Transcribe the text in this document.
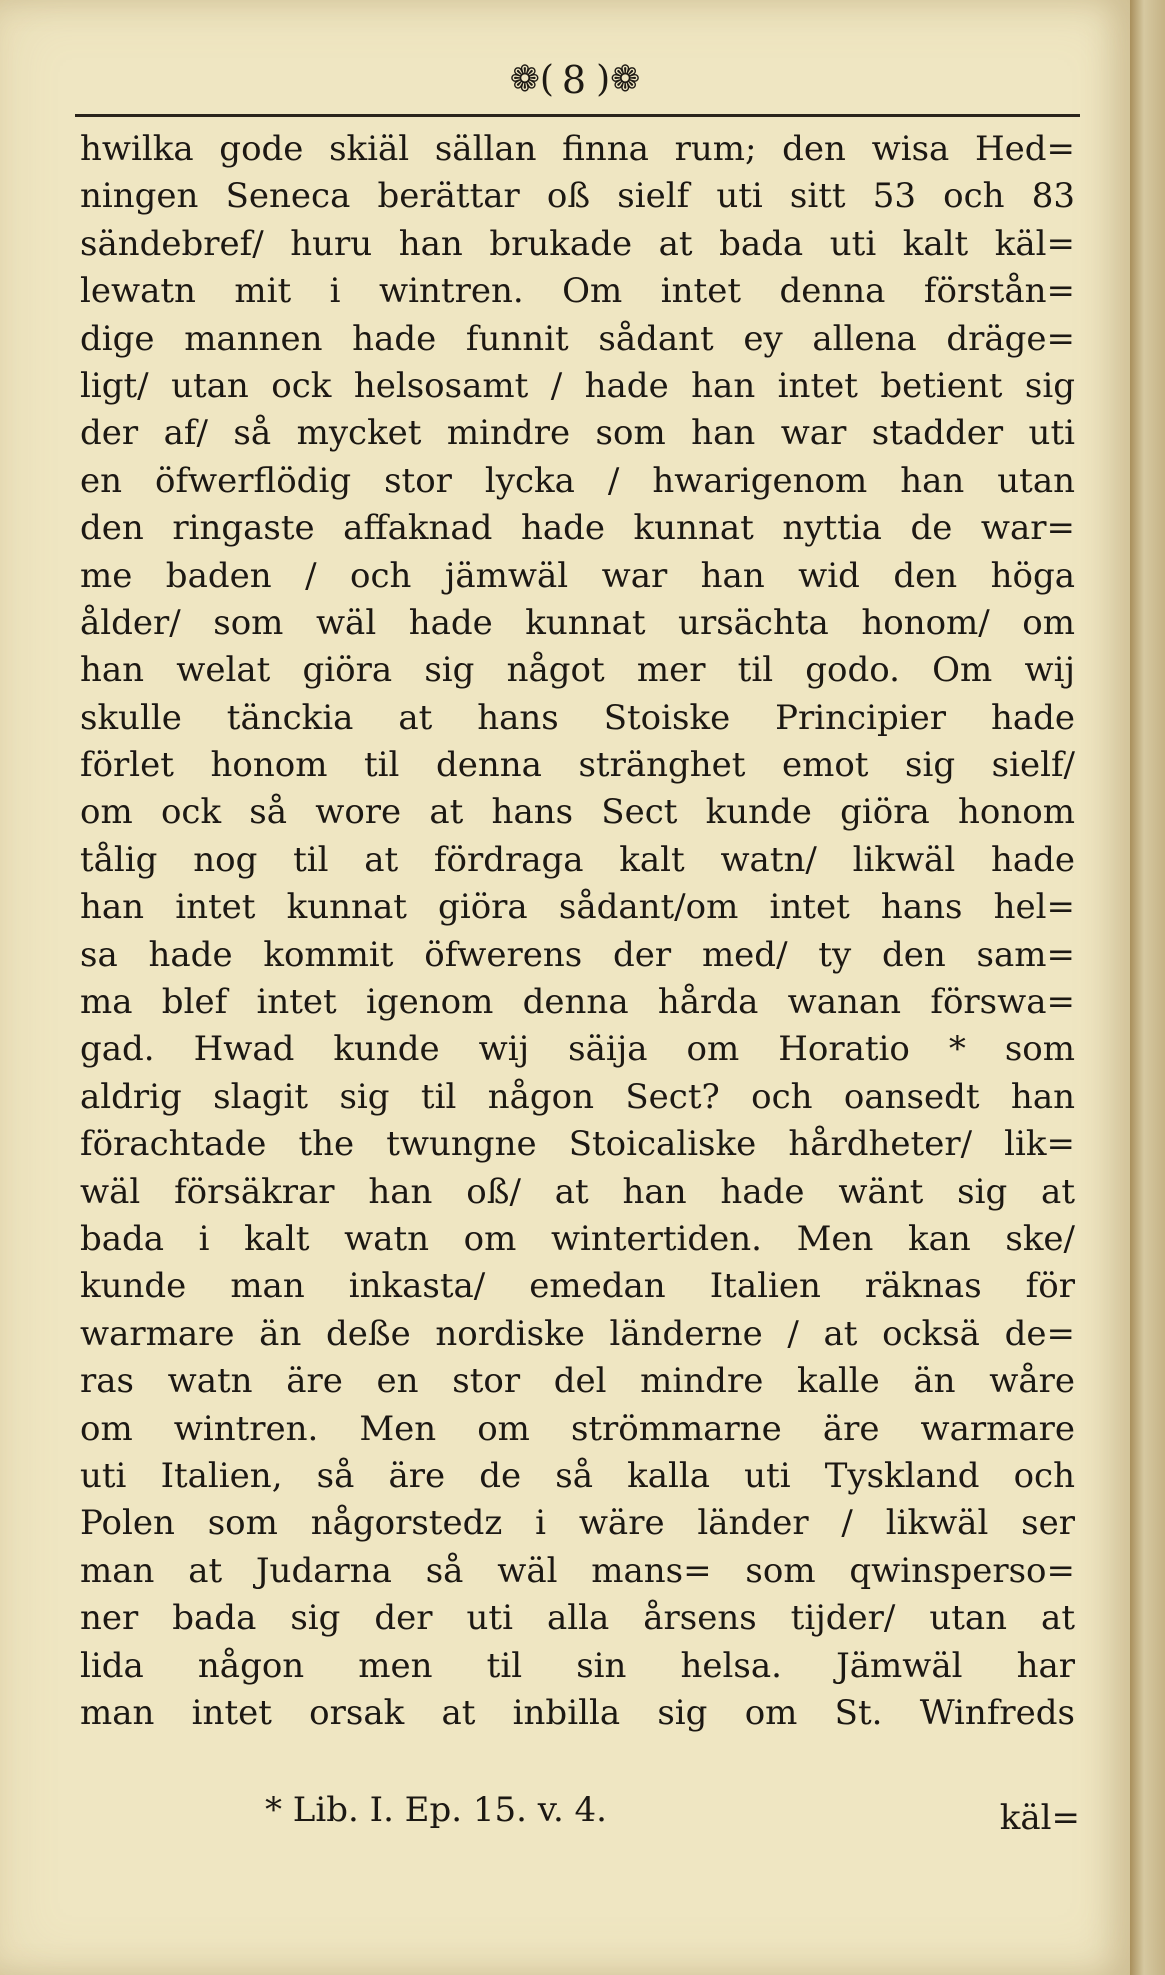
❁( 8 )❁
hwilka gode skiäl sällan finna rum; den wisa Hed=
ningen Seneca berättar oß sielf uti sitt 53 och 83
sändebref/ huru han brukade at bada uti kalt käl=
lewatn mit i wintren. Om intet denna förstån=
dige mannen hade funnit sådant ey allena dräge=
ligt/ utan ock helsosamt / hade han intet betient sig
der af/ så mycket mindre som han war stadder uti
en öfwerflödig stor lycka / hwarigenom han utan
den ringaste affaknad hade kunnat nyttia de war=
me baden / och jämwäl war han wid den höga
ålder/ som wäl hade kunnat ursächta honom/ om
han welat giöra sig något mer til godo. Om wij
skulle tänckia at hans Stoiske Principier hade
förlet honom til denna stränghet emot sig sielf/
om ock så wore at hans Sect kunde giöra honom
tålig nog til at fördraga kalt watn/ likwäl hade
han intet kunnat giöra sådant/om intet hans hel=
sa hade kommit öfwerens der med/ ty den sam=
ma blef intet igenom denna hårda wanan förswa=
gad. Hwad kunde wij säija om Horatio * som
aldrig slagit sig til någon Sect? och oansedt han
förachtade the twungne Stoicaliske hårdheter/ lik=
wäl försäkrar han oß/ at han hade wänt sig at
bada i kalt watn om wintertiden. Men kan ske/
kunde man inkasta/ emedan Italien räknas för
warmare än deße nordiske länderne / at ocksä de=
ras watn äre en stor del mindre kalle än wåre
om wintren. Men om strömmarne äre warmare
uti Italien, så äre de så kalla uti Tyskland och
Polen som någorstedz i wäre länder / likwäl ser
man at Judarna så wäl mans= som qwinsperso=
ner bada sig der uti alla årsens tijder/ utan at
lida någon men til sin helsa. Jämwäl har
man intet orsak at inbilla sig om St. Winfreds
* Lib. I. Ep. 15. v. 4.	käl=
